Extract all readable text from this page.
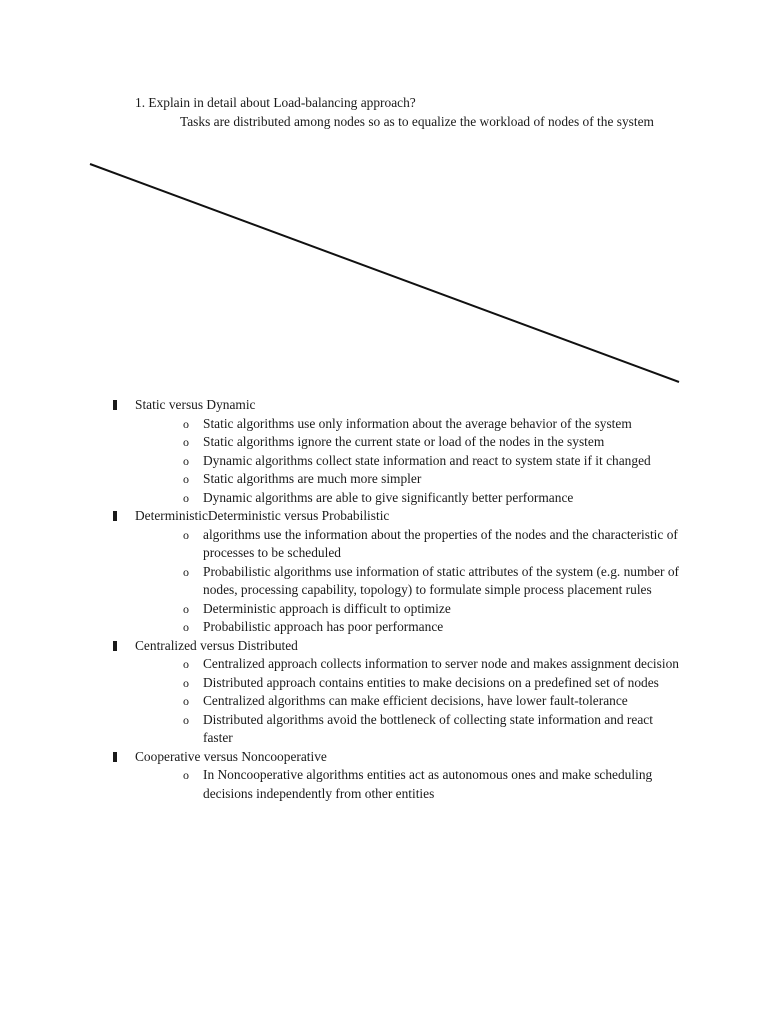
1. Explain in detail about Load-balancing approach?
Tasks are distributed among nodes so as to equalize the workload of nodes of the system
Static versus Dynamic
o Static algorithms use only information about the average behavior of the system
o Static algorithms ignore the current state or load of the nodes in the system
o Dynamic algorithms collect state information and react to system state if it changed
o Static algorithms are much more simpler
o Dynamic algorithms are able to give significantly better performance
DeterministicDeterministic versus Probabilistic
o algorithms use the information about the properties of the nodes and the characteristic of processes to be scheduled
o Probabilistic algorithms use information of static attributes of the system (e.g. number of nodes, processing capability, topology) to formulate simple process placement rules
o Deterministic approach is difficult to optimize
o Probabilistic approach has poor performance
Centralized versus Distributed
o Centralized approach collects information to server node and makes assignment decision
o Distributed approach contains entities to make decisions on a predefined set of nodes
o Centralized algorithms can make efficient decisions, have lower fault-tolerance
o Distributed algorithms avoid the bottleneck of collecting state information and react faster
Cooperative versus Noncooperative
o In Noncooperative algorithms entities act as autonomous ones and make scheduling decisions independently from other entities
